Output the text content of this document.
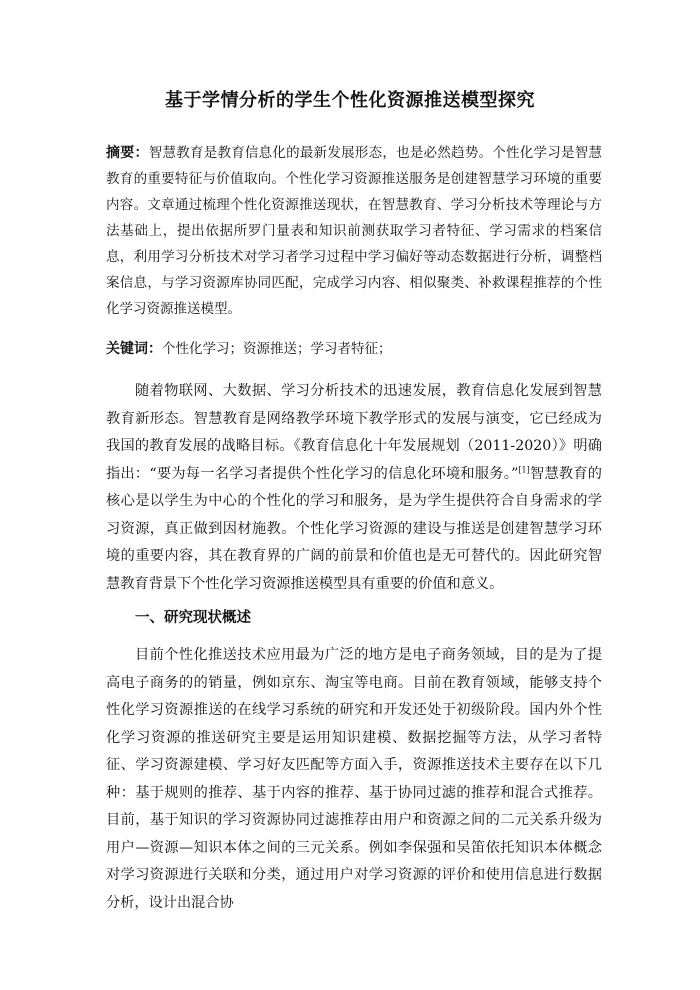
基于学情分析的学生个性化资源推送模型探究
摘要：智慧教育是教育信息化的最新发展形态，也是必然趋势。个性化学习是智慧教育的重要特征与价值取向。个性化学习资源推送服务是创建智慧学习环境的重要内容。文章通过梳理个性化资源推送现状，在智慧教育、学习分析技术等理论与方法基础上，提出依据所罗门量表和知识前测获取学习者特征、学习需求的档案信息，利用学习分析技术对学习者学习过程中学习偏好等动态数据进行分析，调整档案信息，与学习资源库协同匹配，完成学习内容、相似聚类、补救课程推荐的个性化学习资源推送模型。
关键词：个性化学习；资源推送；学习者特征；
随着物联网、大数据、学习分析技术的迅速发展，教育信息化发展到智慧教育新形态。智慧教育是网络教学环境下教学形式的发展与演变，它已经成为我国的教育发展的战略目标。《教育信息化十年发展规划（2011-2020）》明确指出：“要为每一名学习者提供个性化学习的信息化环境和服务。”[1]智慧教育的核心是以学生为中心的个性化的学习和服务，是为学生提供符合自身需求的学习资源，真正做到因材施教。个性化学习资源的建设与推送是创建智慧学习环境的重要内容，其在教育界的广阔的前景和价值也是无可替代的。因此研究智慧教育背景下个性化学习资源推送模型具有重要的价值和意义。
一、研究现状概述
目前个性化推送技术应用最为广泛的地方是电子商务领域，目的是为了提高电子商务的的销量，例如京东、淘宝等电商。目前在教育领域，能够支持个性化学习资源推送的在线学习系统的研究和开发还处于初级阶段。国内外个性化学习资源的推送研究主要是运用知识建模、数据挖掘等方法，从学习者特征、学习资源建模、学习好友匹配等方面入手，资源推送技术主要存在以下几种：基于规则的推荐、基于内容的推荐、基于协同过滤的推荐和混合式推荐。目前，基于知识的学习资源协同过滤推荐由用户和资源之间的二元关系升级为用户—资源—知识本体之间的三元关系。例如李保强和吴笛依托知识本体概念对学习资源进行关联和分类，通过用户对学习资源的评价和使用信息进行数据分析，设计出混合协
